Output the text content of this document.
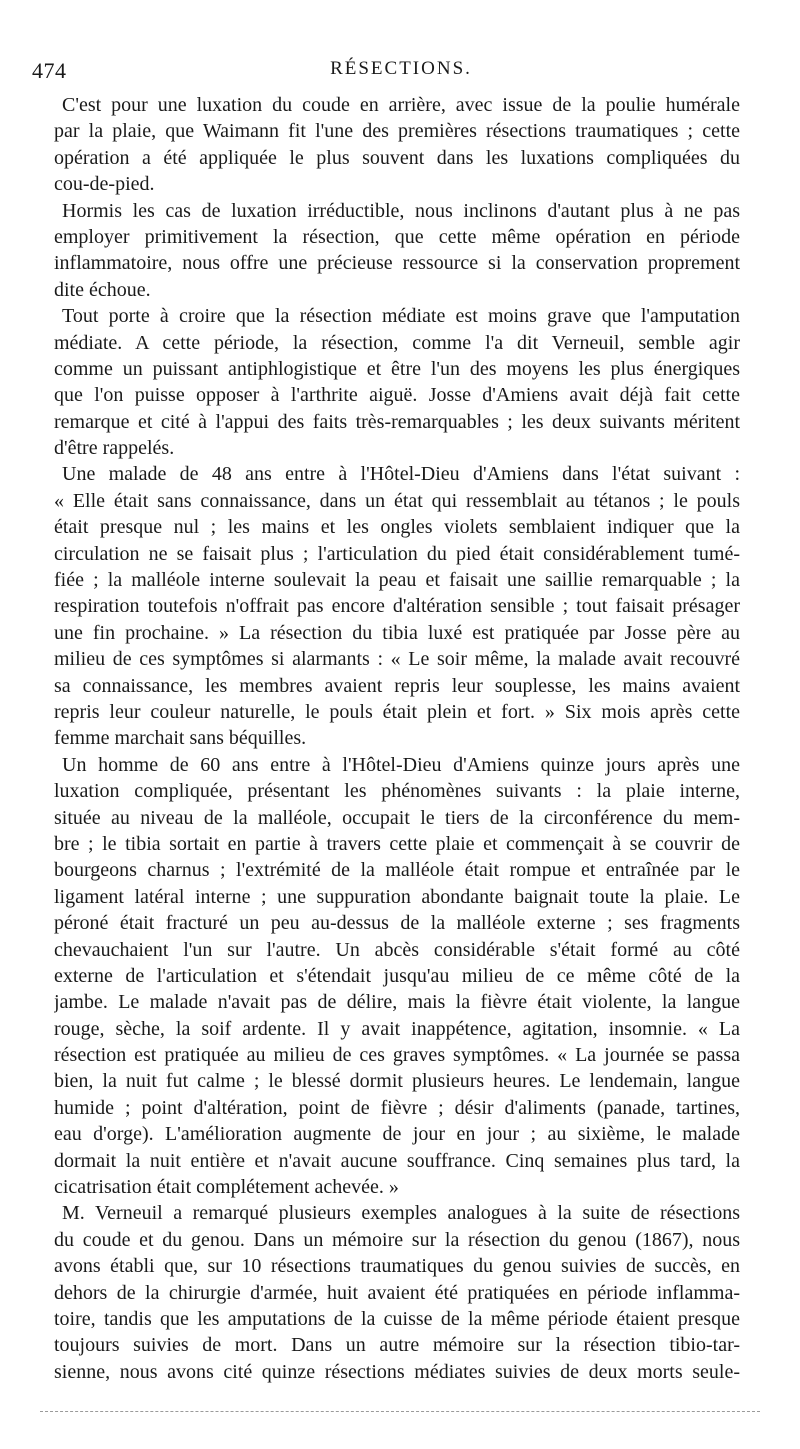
474	RÉSECTIONS.
C'est pour une luxation du coude en arrière, avec issue de la poulie humérale
par la plaie, que Waimann fit l'une des premières résections traumatiques ; cette
opération a été appliquée le plus souvent dans les luxations compliquées du
cou-de-pied.
Hormis les cas de luxation irréductible, nous inclinons d'autant plus à ne pas
employer primitivement la résection, que cette même opération en période
inflammatoire, nous offre une précieuse ressource si la conservation proprement
dite échoue.
Tout porte à croire que la résection médiate est moins grave que l'amputation
médiate. A cette période, la résection, comme l'a dit Verneuil, semble agir
comme un puissant antiphlogistique et être l'un des moyens les plus énergiques
que l'on puisse opposer à l'arthrite aiguë. Josse d'Amiens avait déjà fait cette
remarque et cité à l'appui des faits très-remarquables ; les deux suivants méritent
d'être rappelés.
Une malade de 48 ans entre à l'Hôtel-Dieu d'Amiens dans l'état suivant :
« Elle était sans connaissance, dans un état qui ressemblait au tétanos ; le pouls
était presque nul ; les mains et les ongles violets semblaient indiquer que la
circulation ne se faisait plus ; l'articulation du pied était considérablement tumé-
fiée ; la malléole interne soulevait la peau et faisait une saillie remarquable ; la
respiration toutefois n'offrait pas encore d'altération sensible ; tout faisait présager
une fin prochaine. » La résection du tibia luxé est pratiquée par Josse père au
milieu de ces symptômes si alarmants : « Le soir même, la malade avait recouvré
sa connaissance, les membres avaient repris leur souplesse, les mains avaient
repris leur couleur naturelle, le pouls était plein et fort. » Six mois après cette
femme marchait sans béquilles.
Un homme de 60 ans entre à l'Hôtel-Dieu d'Amiens quinze jours après une
luxation compliquée, présentant les phénomènes suivants : la plaie interne,
située au niveau de la malléole, occupait le tiers de la circonférence du mem-
bre ; le tibia sortait en partie à travers cette plaie et commençait à se couvrir de
bourgeons charnus ; l'extrémité de la malléole était rompue et entraînée par le
ligament latéral interne ; une suppuration abondante baignait toute la plaie. Le
péroné était fracturé un peu au-dessus de la malléole externe ; ses fragments
chevauchaient l'un sur l'autre. Un abcès considérable s'était formé au côté
externe de l'articulation et s'étendait jusqu'au milieu de ce même côté de la
jambe. Le malade n'avait pas de délire, mais la fièvre était violente, la langue
rouge, sèche, la soif ardente. Il y avait inappétence, agitation, insomnie. « La
résection est pratiquée au milieu de ces graves symptômes. « La journée se passa
bien, la nuit fut calme ; le blessé dormit plusieurs heures. Le lendemain, langue
humide ; point d'altération, point de fièvre ; désir d'aliments (panade, tartines,
eau d'orge). L'amélioration augmente de jour en jour ; au sixième, le malade
dormait la nuit entière et n'avait aucune souffrance. Cinq semaines plus tard, la
cicatrisation était complétement achevée. »
M. Verneuil a remarqué plusieurs exemples analogues à la suite de résections
du coude et du genou. Dans un mémoire sur la résection du genou (1867), nous
avons établi que, sur 10 résections traumatiques du genou suivies de succès, en
dehors de la chirurgie d'armée, huit avaient été pratiquées en période inflamma-
toire, tandis que les amputations de la cuisse de la même période étaient presque
toujours suivies de mort. Dans un autre mémoire sur la résection tibio-tar-
sienne, nous avons cité quinze résections médiates suivies de deux morts seule-
